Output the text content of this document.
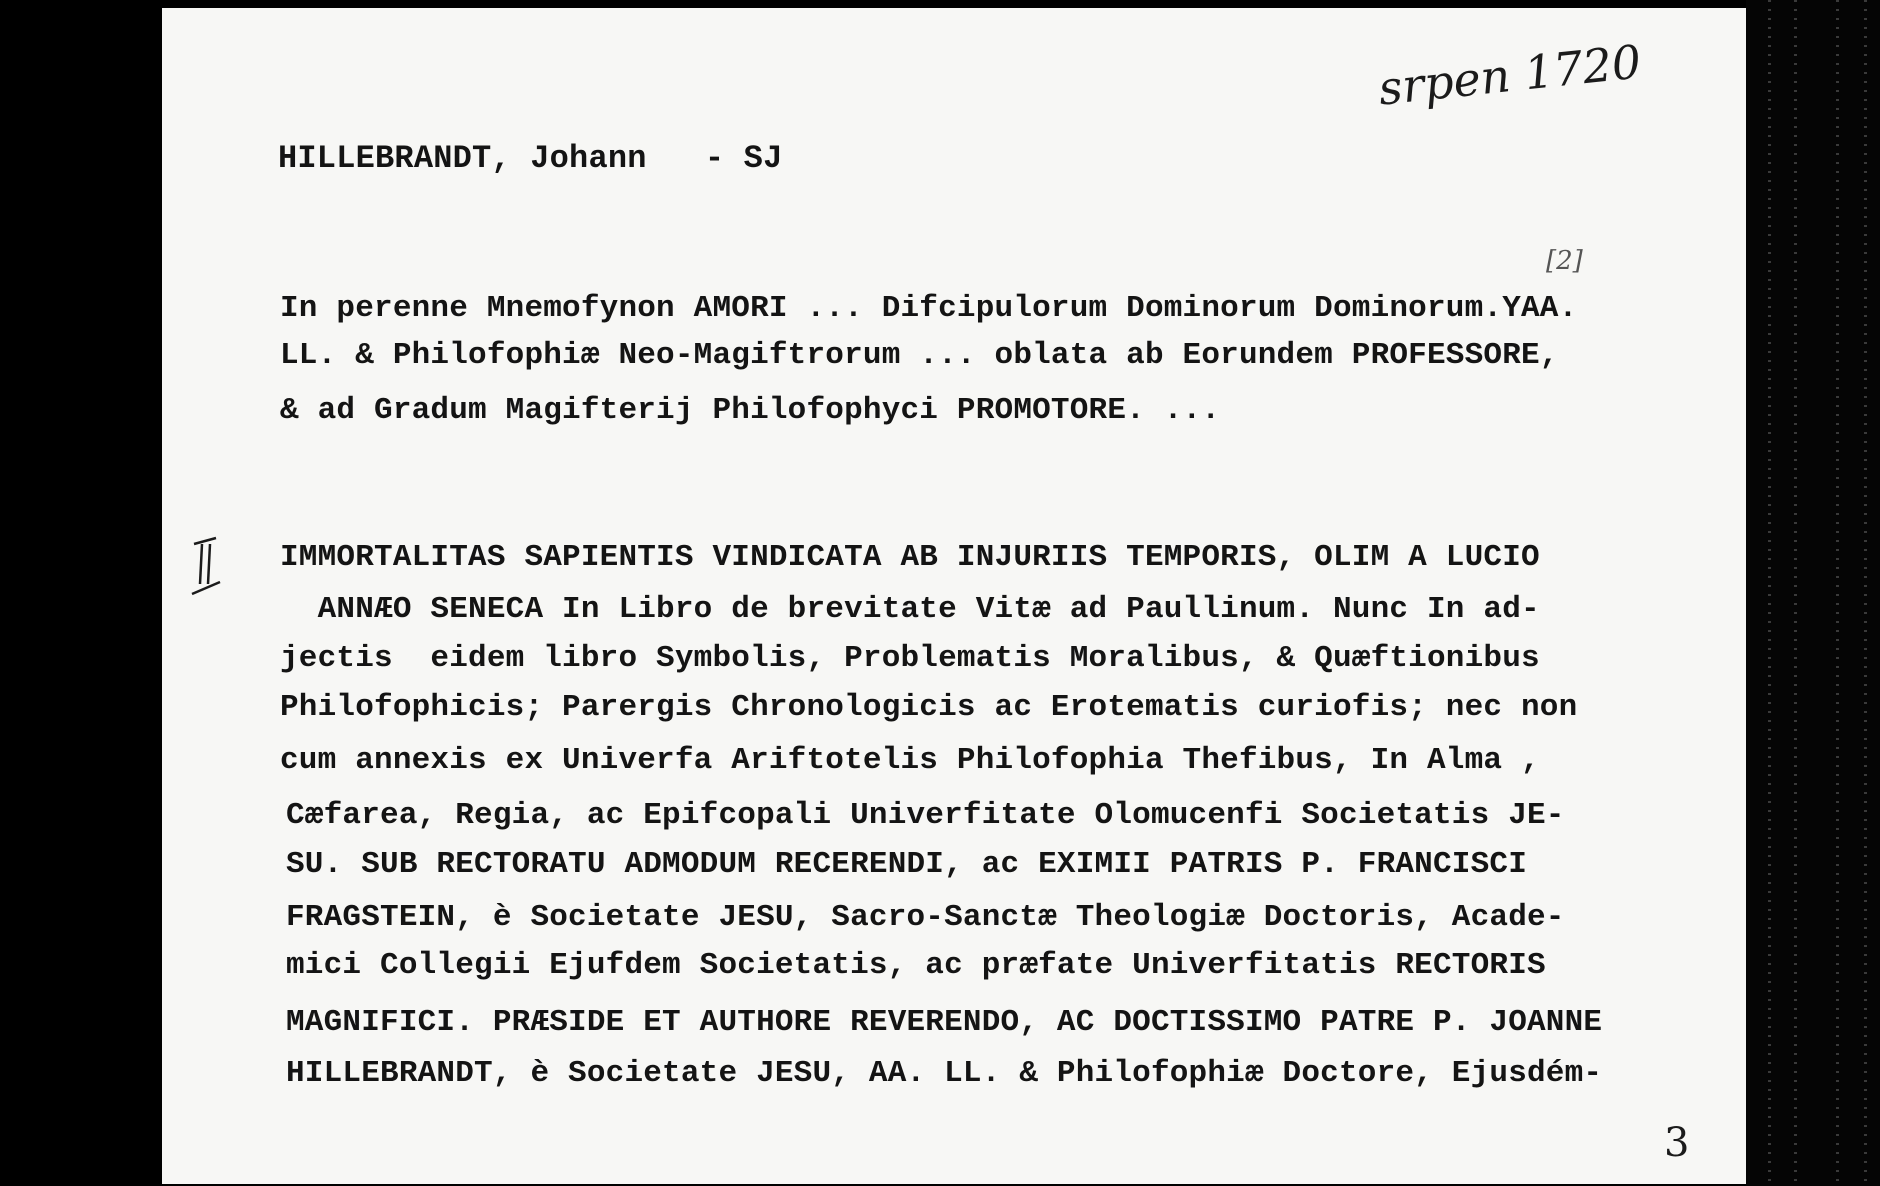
srpen 1720
HILLEBRANDT, Johann   - SJ
[2]
In perenne Mnemofynon AMORI ... Difcipulorum Dominorum Dominorum.YAA.
LL. & Philofophiæ Neo-Magiftrorum ... oblata ab Eorundem PROFESSORE,
& ad Gradum Magifterij Philofophyci PROMOTORE. ...
IMMORTALITAS SAPIENTIS VINDICATA AB INJURIIS TEMPORIS, OLIM A LUCIO
ANNÆO SENECA In Libro de brevitate Vitæ ad Paullinum. Nunc In ad-
jectis  eidem libro Symbolis, Problematis Moralibus, & Quæftionibus
Philofophicis; Parergis Chronologicis ac Erotematis curiofis; nec non
cum annexis ex Univerfa Ariftotelis Philofophia Thefibus, In Alma ,
Cæfarea, Regia, ac Epifcopali Univerfitate Olomucenfi Societatis JE-
SU. SUB RECTORATU ADMODUM RECERENDI, ac EXIMII PATRIS P. FRANCISCI
FRAGSTEIN, è Societate JESU, Sacro-Sanctæ Theologiæ Doctoris, Acade-
mici Collegii Ejufdem Societatis, ac præfate Univerfitatis RECTORIS
MAGNIFICI. PRÆSIDE ET AUTHORE REVERENDO, AC DOCTISSIMO PATRE P. JOANNE
HILLEBRANDT, è Societate JESU, AA. LL. & Philofophiæ Doctore, Ejusdém-
3
